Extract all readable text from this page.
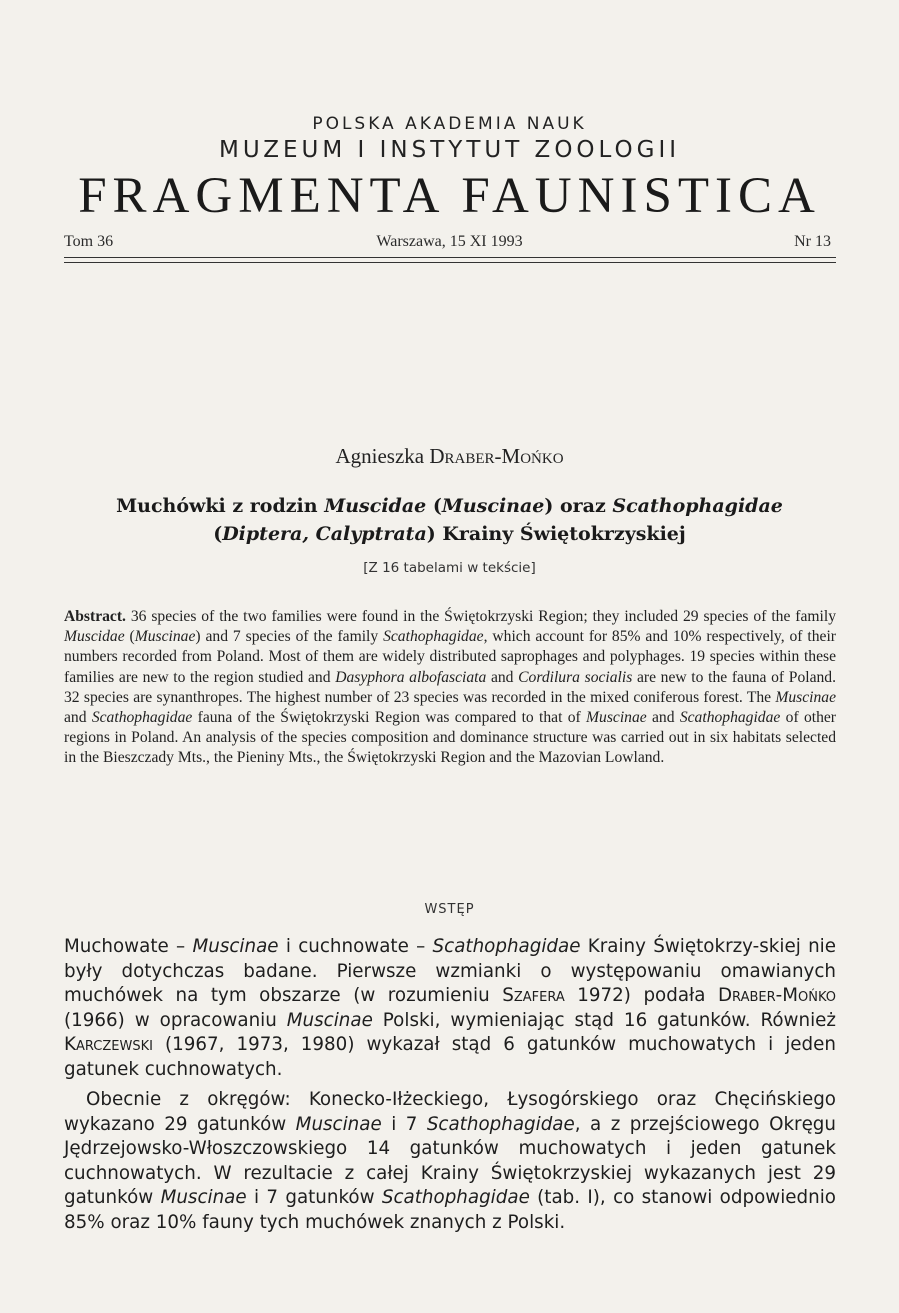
POLSKA AKADEMIA NAUK
MUZEUM I INSTYTUT ZOOLOGII
FRAGMENTA FAUNISTICA
Tom 36	Warszawa, 15 XI 1993	Nr 13
Agnieszka Draber-Mońko
Muchówki z rodzin Muscidae (Muscinae) oraz Scathophagidae
(Diptera, Calyptrata) Krainy Świętokrzyskiej
[Z 16 tabelami w tekście]
Abstract. 36 species of the two families were found in the Świętokrzyski Region; they included 29 species of the family Muscidae (Muscinae) and 7 species of the family Scathophagidae, which account for 85% and 10% respectively, of their numbers recorded from Poland. Most of them are widely distributed saprophages and polyphages. 19 species within these families are new to the region studied and Dasyphora albofasciata and Cordilura socialis are new to the fauna of Poland. 32 species are synanthropes. The highest number of 23 species was recorded in the mixed coniferous forest. The Muscinae and Scathophagidae fauna of the Świętokrzyski Region was compared to that of Muscinae and Scathophagidae of other regions in Poland. An analysis of the species composition and dominance structure was carried out in six habitats selected in the Bieszczady Mts., the Pieniny Mts., the Świętokrzyski Region and the Mazovian Lowland.
WSTĘP
Muchowate – Muscinae i cuchnowate – Scathophagidae Krainy Świętokrzy-skiej nie były dotychczas badane. Pierwsze wzmianki o występowaniu omawianych muchówek na tym obszarze (w rozumieniu Szafera 1972) podała Draber-Mońko (1966) w opracowaniu Muscinae Polski, wymieniając stąd 16 gatunków. Również Karczewski (1967, 1973, 1980) wykazał stąd 6 gatunków muchowatych i jeden gatunek cuchnowatych.
Obecnie z okręgów: Konecko-Iłżeckiego, Łysogórskiego oraz Chęcińskiego wykazano 29 gatunków Muscinae i 7 Scathophagidae, a z przejściowego Okręgu Jędrzejowsko-Włoszczowskiego 14 gatunków muchowatych i jeden gatunek cuchnowatych. W rezultacie z całej Krainy Świętokrzyskiej wykazanych jest 29 gatunków Muscinae i 7 gatunków Scathophagidae (tab. I), co stanowi odpowiednio 85% oraz 10% fauny tych muchówek znanych z Polski.
